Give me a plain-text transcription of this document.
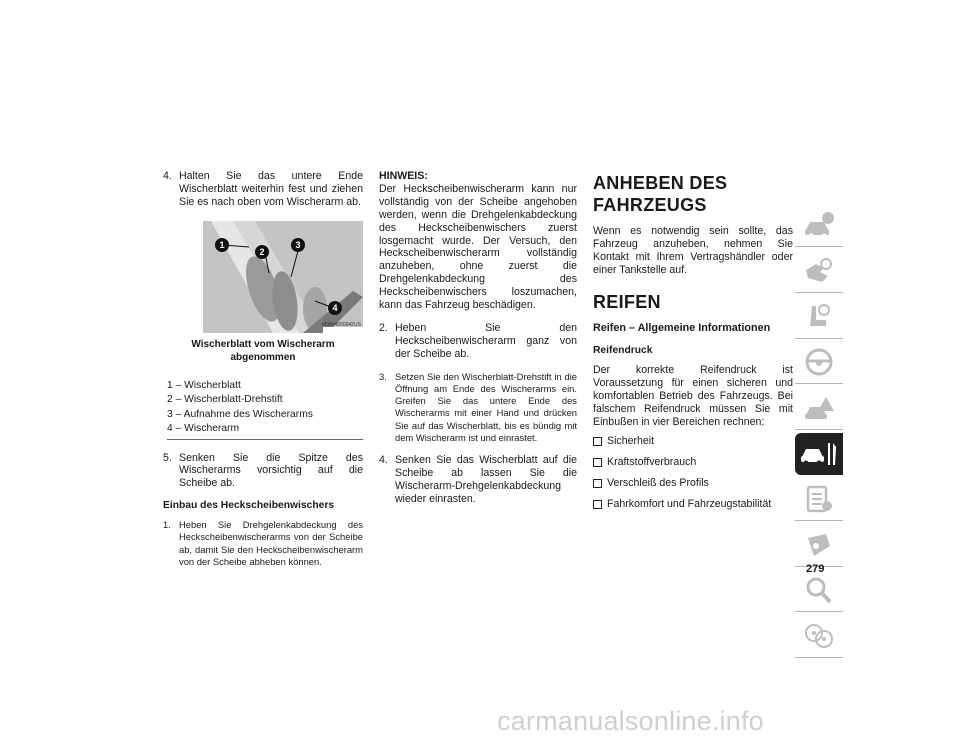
4. Halten Sie das untere Ende Wischerblatt weiterhin fest und ziehen Sie es nach oben vom Wischerarm ab.
1
2
3
4
M0804000042US
Wischerblatt vom Wischerarm abgenommen
1 – Wischerblatt
2 – Wischerblatt-Drehstift
3 – Aufnahme des Wischerarms
4 – Wischerarm
5. Senken Sie die Spitze des Wischerarms vorsichtig auf die Scheibe ab.
Einbau des Heckscheibenwischers
1. Heben Sie Drehgelenkabdeckung des Heckscheibenwischerarms von der Scheibe ab, damit Sie den Heckscheibenwischerarm von der Scheibe abheben können.
HINWEIS:
Der Heckscheibenwischerarm kann nur vollständig von der Scheibe angehoben werden, wenn die Drehgelenkabdeckung des Heckscheibenwischers zuerst losgemacht wurde. Der Versuch, den Heckscheibenwischerarm vollständig anzuheben, ohne zuerst die Drehgelenkabdeckung des Heckscheibenwischers loszumachen, kann das Fahrzeug beschädigen.
2. Heben Sie den Heckscheibenwischerarm ganz von der Scheibe ab.
3. Setzen Sie den Wischerblatt-Drehstift in die Öffnung am Ende des Wischerarms ein. Greifen Sie das untere Ende des Wischerarms mit einer Hand und drücken Sie auf das Wischerblatt, bis es bündig mit dem Wischerarm ist und einrastet.
4. Senken Sie das Wischerblatt auf die Scheibe ab lassen Sie die Wischerarm-Drehgelenkabdeckung wieder einrasten.
ANHEBEN DES FAHRZEUGS
Wenn es notwendig sein sollte, das Fahrzeug anzuheben, nehmen Sie Kontakt mit Ihrem Vertragshändler oder einer Tankstelle auf.
REIFEN
Reifen – Allgemeine Informationen
Reifendruck
Der korrekte Reifendruck ist Voraussetzung für einen sicheren und komfortablen Betrieb des Fahrzeugs. Bei falschem Reifendruck müssen Sie mit Einbußen in vier Bereichen rechnen:
Sicherheit
Kraftstoffverbrauch
Verschleiß des Profils
Fahrkomfort und Fahrzeugstabilität
279
carmanualsonline.info
